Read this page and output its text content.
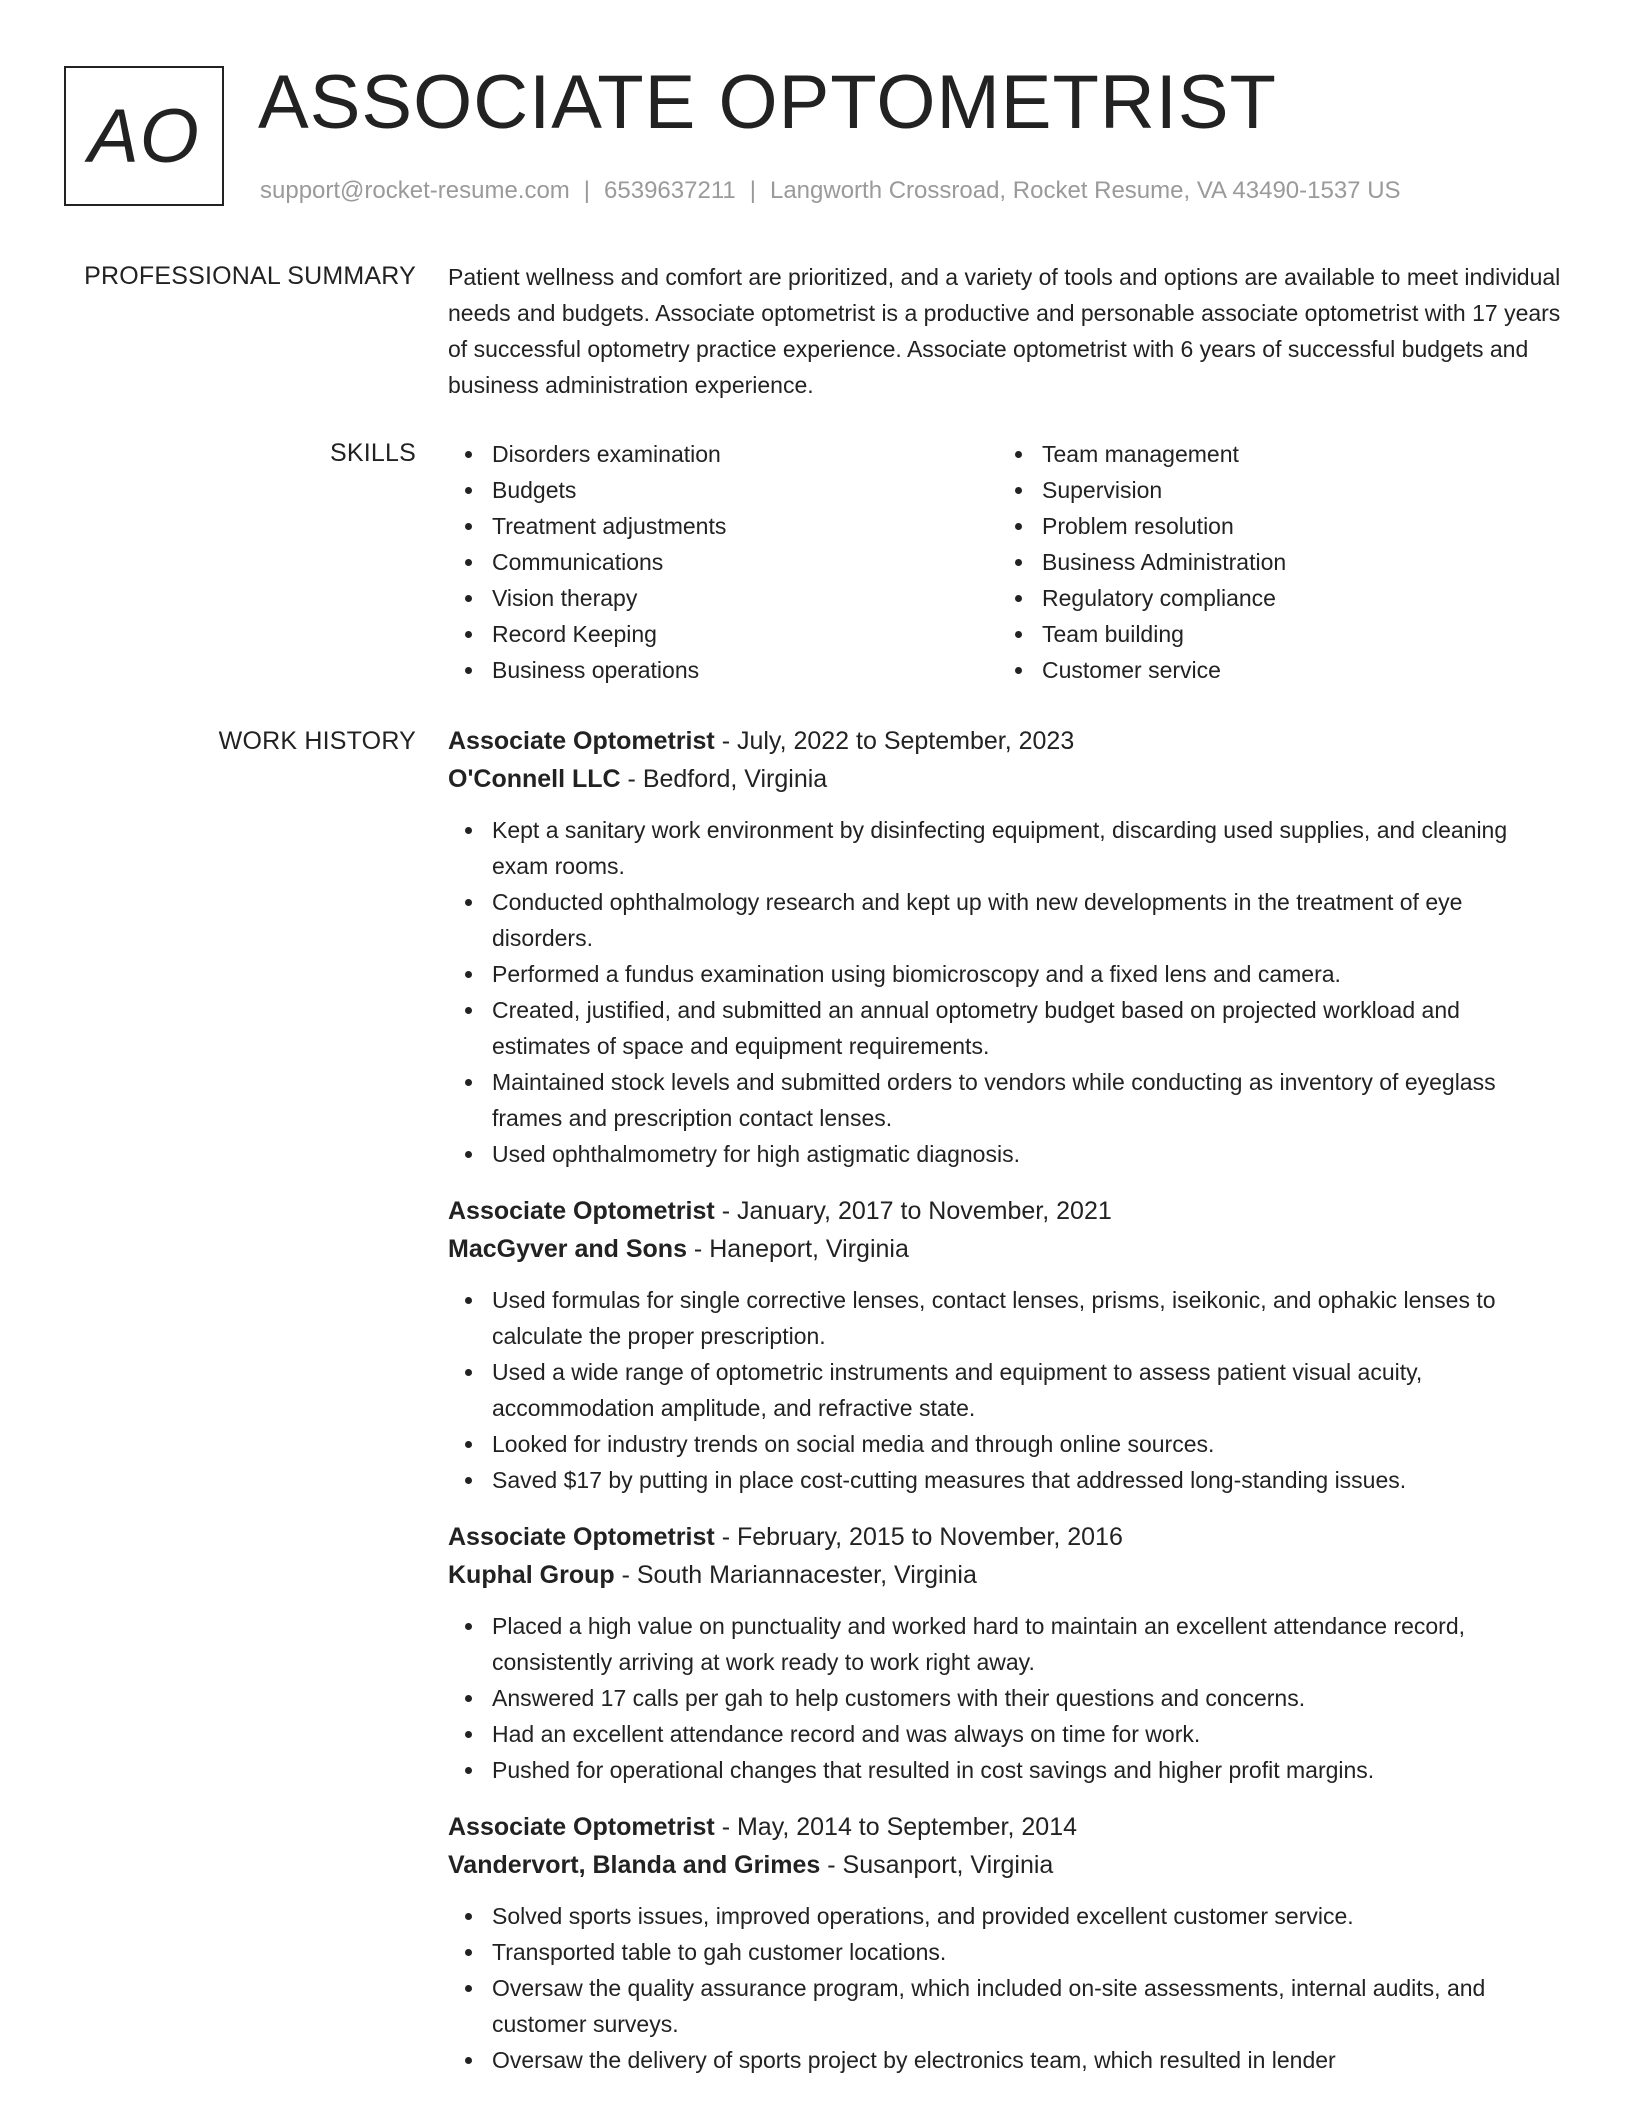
AO ASSOCIATE OPTOMETRIST
support@rocket-resume.com | 6539637211 | Langworth Crossroad, Rocket Resume, VA 43490-1537 US
PROFESSIONAL SUMMARY Patient wellness and comfort are prioritized, and a variety of tools and options are available to meet individual needs and budgets. Associate optometrist is a productive and personable associate optometrist with 17 years of successful optometry practice experience. Associate optometrist with 6 years of successful budgets and business administration experience.

SKILLS	Disorders examination
Budgets
Treatment adjustments
Communications
Vision therapy
Record Keeping
Business operations
Team management
Supervision
Problem resolution
Business Administration
Regulatory compliance
Team building
Customer service
WORK HISTORY Associate Optometrist - July, 2022 to September, 2023
O'Connell LLC - Bedford, Virginia
Kept a sanitary work environment by disinfecting equipment, discarding used supplies, and cleaning exam rooms.
Conducted ophthalmology research and kept up with new developments in the treatment of eye disorders.
Performed a fundus examination using biomicroscopy and a fixed lens and camera.
Created, justified, and submitted an annual optometry budget based on projected workload and estimates of space and equipment requirements.
Maintained stock levels and submitted orders to vendors while conducting as inventory of eyeglass frames and prescription contact lenses.
Used ophthalmometry for high astigmatic diagnosis.
Associate Optometrist - January, 2017 to November, 2021
MacGyver and Sons - Haneport, Virginia
Used formulas for single corrective lenses, contact lenses, prisms, iseikonic, and ophakic lenses to calculate the proper prescription.
Used a wide range of optometric instruments and equipment to assess patient visual acuity, accommodation amplitude, and refractive state.
Looked for industry trends on social media and through online sources.
Saved $17 by putting in place cost-cutting measures that addressed long-standing issues.
Associate Optometrist - February, 2015 to November, 2016
Kuphal Group - South Mariannacester, Virginia
Placed a high value on punctuality and worked hard to maintain an excellent attendance record, consistently arriving at work ready to work right away.
Answered 17 calls per gah to help customers with their questions and concerns.
Had an excellent attendance record and was always on time for work.
Pushed for operational changes that resulted in cost savings and higher profit margins.
Associate Optometrist - May, 2014 to September, 2014
Vandervort, Blanda and Grimes - Susanport, Virginia
Solved sports issues, improved operations, and provided excellent customer service.
Transported table to gah customer locations.
Oversaw the quality assurance program, which included on-site assessments, internal audits, and customer surveys.
Oversaw the delivery of sports project by electronics team, which resulted in lender
